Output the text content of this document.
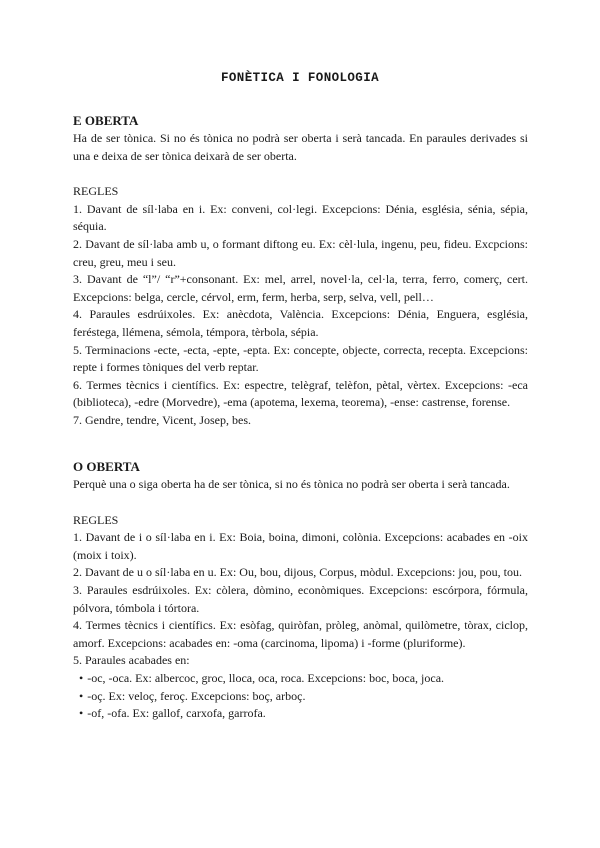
FONÈTICA I FONOLOGIA
E OBERTA

Ha de ser tònica. Si no és tònica no podrà ser oberta i serà tancada. En paraules derivades si una e deixa de ser tònica deixarà de ser oberta.

REGLES

1. Davant de síl·laba en i. Ex: conveni, col·legi. Excepcions: Dénia, església, sénia, sépia, séquia.

2. Davant de síl·laba amb u, o formant diftong eu. Ex: cèl·lula, ingenu, peu, fideu. Excpcions: creu, greu, meu i seu.

3. Davant de “l”/ “r”+consonant. Ex: mel, arrel, novel·la, cel·la, terra, ferro, comerç, cert. Excepcions: belga, cercle, cérvol, erm, ferm, herba, serp, selva, vell, pell…

4. Paraules esdrúixoles. Ex: anècdota, València. Excepcions: Dénia, Enguera, església, feréstega, llémena, sémola, témpora, tèrbola, sépia.

5. Terminacions -ecte, -ecta, -epte, -epta. Ex: concepte, objecte, correcta, recepta. Excepcions: repte i formes tòniques del verb reptar.

6. Termes tècnics i científics. Ex: espectre, telègraf, telèfon, pètal, vèrtex. Excepcions: -eca (biblioteca), -edre (Morvedre), -ema (apotema, lexema, teorema), -ense: castrense, forense.

7. Gendre, tendre, Vicent, Josep, bes.

O OBERTA

Perquè una o siga oberta ha de ser tònica, si no és tònica no podrà ser oberta i serà tancada.

REGLES

1. Davant de i o síl·laba en i. Ex: Boia, boina, dimoni, colònia. Excepcions: acabades en -oix (moix i toix).

2. Davant de u o síl·laba en u. Ex: Ou, bou, dijous, Corpus, mòdul. Excepcions: jou, pou, tou.

3. Paraules esdrúixoles. Ex: còlera, dòmino, econòmiques. Excepcions: escórpora, fórmula, pólvora, tómbola i tórtora.

4. Termes tècnics i científics. Ex: esòfag, quiròfan, pròleg, anòmal, quilòmetre, tòrax, ciclop, amorf. Excepcions: acabades en: -oma (carcinoma, lipoma) i -forme (pluriforme).

5. Paraules acabades en:

• -oc, -oca. Ex: albercoc, groc, lloca, oca, roca. Excepcions: boc, boca, joca.
• -oç. Ex: veloç, feroç. Excepcions: boç, arboç.
• -of, -ofa. Ex: gallof, carxofa, garrofa.
